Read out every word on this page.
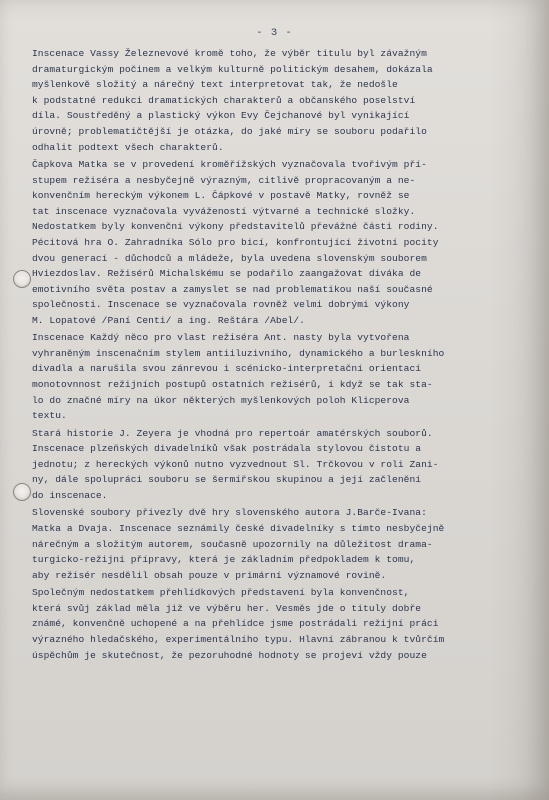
- 3 -
Inscenace Vassy Železnevové kromě toho, že výběr titulu byl závažným
dramaturgickým počinem a velkým kulturně politickým desahem, dokázala
myšlenkově složitý a nárečný text interpretovat tak, že nedošle
k podstatné redukci dramatických charakterů a občanského poselství
díla. Soustředěný a plastický výkon Evy Čejchanové byl vynikající
úrovně; problematičtější je otázka, do jaké míry se souboru podařilo
odhalit podtext všech charakterů.
Čapkova Matka se v provedení kroměřížských vyznačovala tvořivým pří-
stupem režiséra a nesbyčejně výrazným, citlivě propracovaným a ne-
konvenčním hereckým výkonem L. Čápkové v postavě Matky, rovněž se
tat inscenace vyznačovala vyvážeností výtvarné a technické složky.
Nedostatkem byly konvenční výkony představitelů převážné části rodiny.
Pécitová hra O. Zahradníka Sólo pro bicí, konfrontující životní pocity
dvou generací - důchodců a mládeže, byla uvedena slovenským souborem
Hviezdoslav. Režisérů Michalskému se podařilo zaangažovat diváka de
emotivního světa postav a zamyslet se nad problematikou naší současné
společnosti. Inscenace se vyznačovala rovněž velmi dobrými výkony
M. Lopatové /Paní Centi/ a ing. Reštára /Abel/.
Inscenace Každý něco pro vlast režiséra Ant. nasty byla vytvořena
vyhraněným inscenačním stylem antiiluzivního, dynamického a burleskního
divadla a narušila svou zánrevou i scénicko-interpretační orientací
monotovnnost režijních postupů ostatních režisérů, i když se tak sta-
lo do značné míry na úkor některých myšlenkových poloh Klicperova
textu.
Stará historie J. Zeyera je vhodná pro repertoár amatérských souborů.
Inscenace plzeňských divadelníků však postrádala stylovou čistotu a
jednotu; z hereckých výkonů nutno vyzvednout Sl. Trčkovou v roli Zani-
ny, dále spolupráci souboru se šermířskou skupinou a její začlenění
do inscenace.
Slovenské soubory přivezly dvě hry slovenského autora J.Barče-Ivana:
Matka a Dvaja. Inscenace seznámily české divadelníky s tímto nesbyčejně
nárečným a složitým autorem, současně upozornily na důležitost drama-
turgicko-režijní přípravy, která je základním předpokladem k tomu,
aby režisér nesdělil obsah pouze v primární významové rovině.
Společným nedostatkem přehlídkových představení byla konvenčnost,
která svůj základ měla již ve výběru her. Vesměs jde o tituly dobře
známé, konvenčně uchopené a na přehlídce jsme postrádali režijní práci
výrazného hledačského, experimentálního typu. Hlavní zábranou k tvůrčím
úspěchům je skutečnost, že pezoruhodné hodnoty se projeví vždy pouze
